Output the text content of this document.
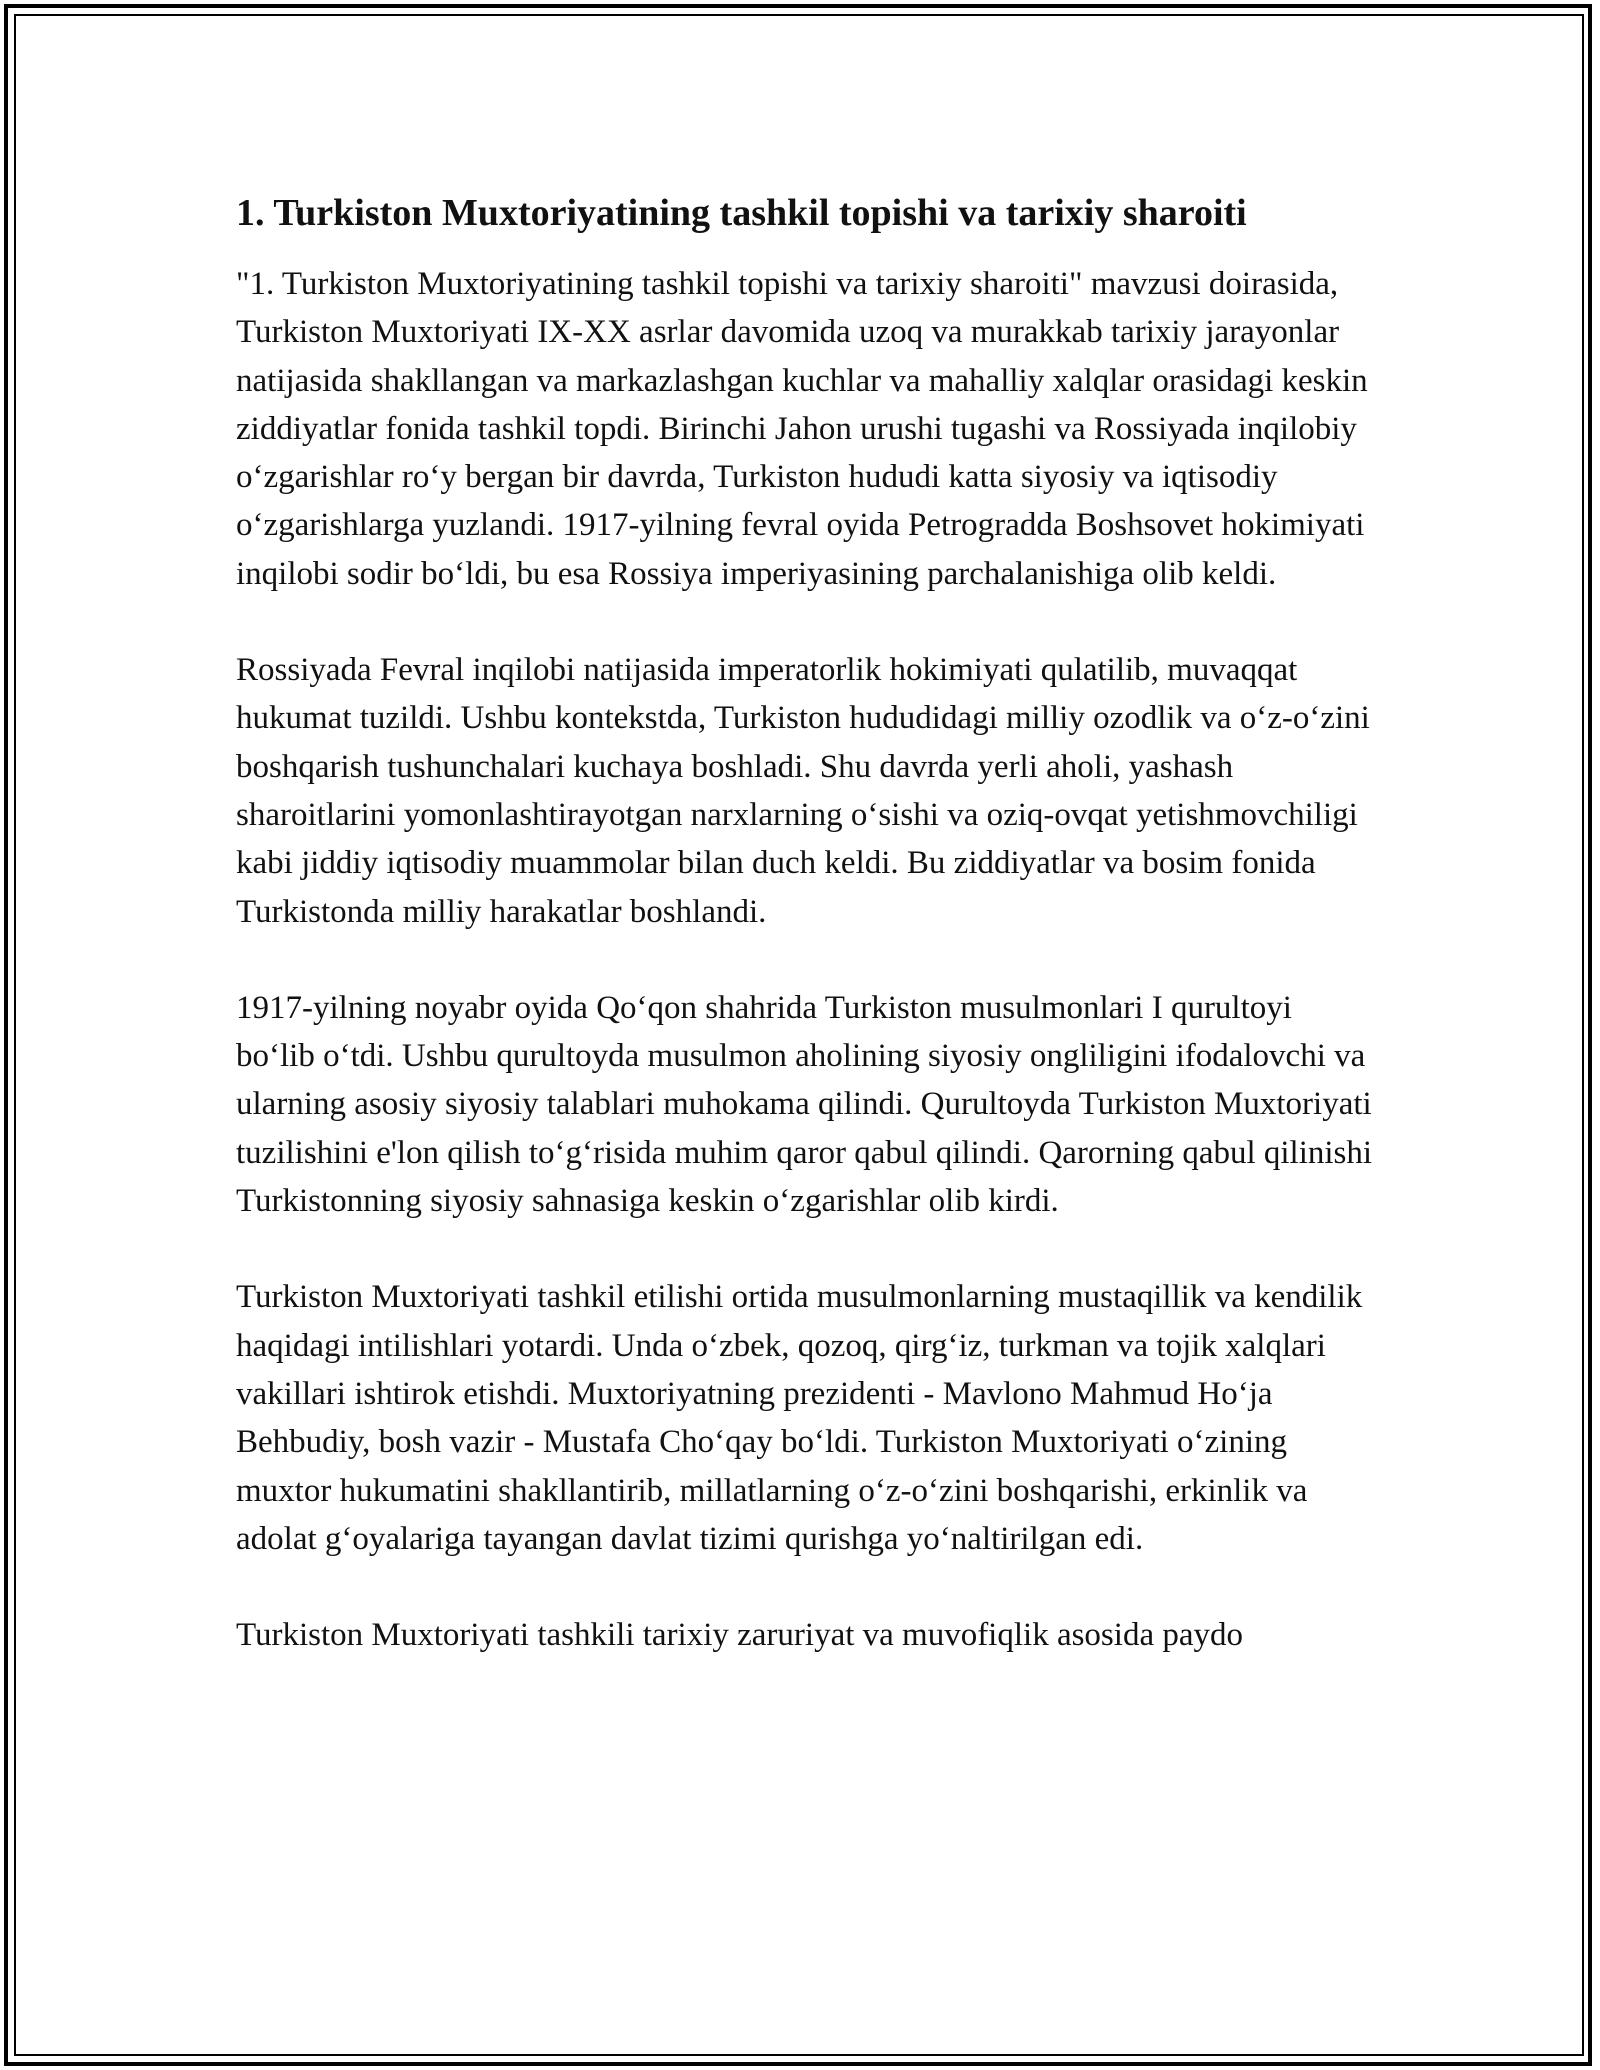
1. Turkiston Muxtoriyatining tashkil topishi va tarixiy sharoiti

"1. Turkiston Muxtoriyatining tashkil topishi va tarixiy sharoiti" mavzusi doirasida, Turkiston Muxtoriyati IX-XX asrlar davomida uzoq va murakkab tarixiy jarayonlar natijasida shakllangan va markazlashgan kuchlar va mahalliy xalqlar orasidagi keskin ziddiyatlar fonida tashkil topdi. Birinchi Jahon urushi tugashi va Rossiyada inqilobiy oʻzgarishlar roʻy bergan bir davrda, Turkiston hududi katta siyosiy va iqtisodiy oʻzgarishlarga yuzlandi. 1917-yilning fevral oyida Petrogradda Boshsovet hokimiyati inqilobi sodir boʻldi, bu esa Rossiya imperiyasining parchalanishiga olib keldi.

Rossiyada Fevral inqilobi natijasida imperatorlik hokimiyati qulatilib, muvaqqat hukumat tuzildi. Ushbu kontekstda, Turkiston hududidagi milliy ozodlik va oʻz-oʻzini boshqarish tushunchalari kuchaya boshladi. Shu davrda yerli aholi, yashash sharoitlarini yomonlashtirayotgan narxlarning oʻsishi va oziq-ovqat yetishmovchiligi kabi jiddiy iqtisodiy muammolar bilan duch keldi. Bu ziddiyatlar va bosim fonida Turkistonda milliy harakatlar boshlandi.

1917-yilning noyabr oyida Qoʻqon shahrida Turkiston musulmonlari I qurultoyi boʻlib oʻtdi. Ushbu qurultoyda musulmon aholining siyosiy ongliligini ifodalovchi va ularning asosiy siyosiy talablari muhokama qilindi. Qurultoyda Turkiston Muxtoriyati tuzilishini e'lon qilish toʻgʻrisida muhim qaror qabul qilindi. Qarorning qabul qilinishi Turkistonning siyosiy sahnasiga keskin oʻzgarishlar olib kirdi.

Turkiston Muxtoriyati tashkil etilishi ortida musulmonlarning mustaqillik va kendilik haqidagi intilishlari yotardi. Unda oʻzbek, qozoq, qirgʻiz, turkman va tojik xalqlari vakillari ishtirok etishdi. Muxtoriyatning prezidenti - Mavlono Mahmud Hoʻja Behbudiy, bosh vazir - Mustafa Choʻqay boʻldi. Turkiston Muxtoriyati oʻzining muxtor hukumatini shakllantirib, millatlarning oʻz-oʻzini boshqarishi, erkinlik va adolat gʻoyalariga tayangan davlat tizimi qurishga yoʻnaltirilgan edi.

Turkiston Muxtoriyati tashkili tarixiy zaruriyat va muvofiqlik asosida paydo
